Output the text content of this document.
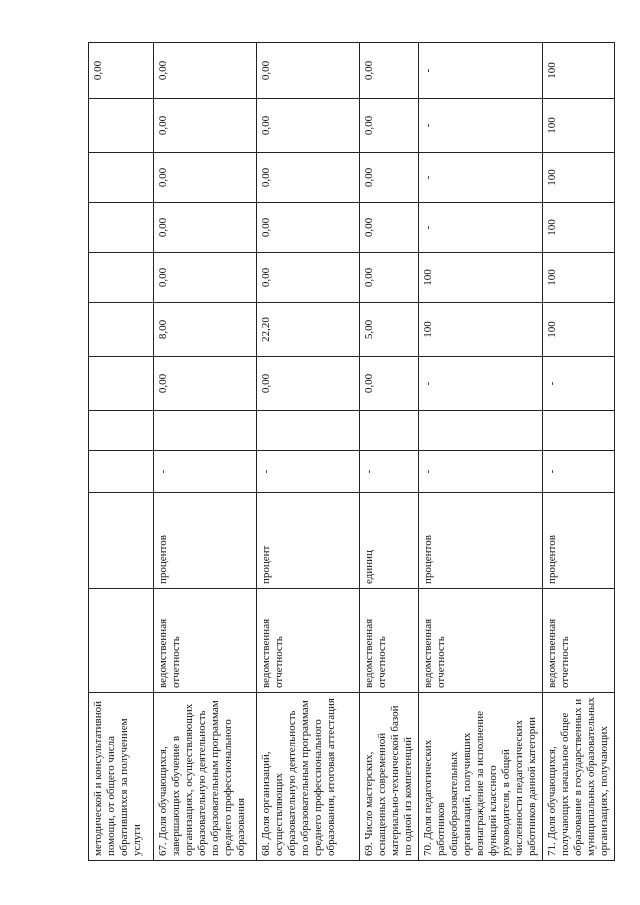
методической и консультативной помощи, от общего числа обратившихся за получением услуги											0,00
67. Доля обучающихся, завершающих обучение в организациях, осуществляющих образовательную деятельность по образовательным программам среднего профессионального образования	ведомственная отчетность	процентов	-		0,00	8,00	0,00	0,00	0,00	0,00	0,00
68. Доля организаций, осуществляющих образовательную деятельность по образовательным программам среднего профессионального образования, итоговая аттестация	ведомственная отчетность	процент	-		0,00	22,20	0,00	0,00	0,00	0,00	0,00
69. Число мастерских, оснащенных современной материально-технической базой по одной из компетенций	ведомственная отчетность	единиц	-		0,00	5,00	0,00	0,00	0,00	0,00	0,00
70. Доля педагогических работников общеобразовательных организаций, получивших вознаграждение за исполнение функций классного руководителя, в общей численности педагогических работников данной категории	ведомственная отчетность	процентов	-		-	100	100	-	-	-	-
71. Доля обучающихся, получающих начальное общее образование в государственных и муниципальных образовательных организациях, получающих	ведомственная отчетность	процентов	-		-	100	100	100	100	100	100
